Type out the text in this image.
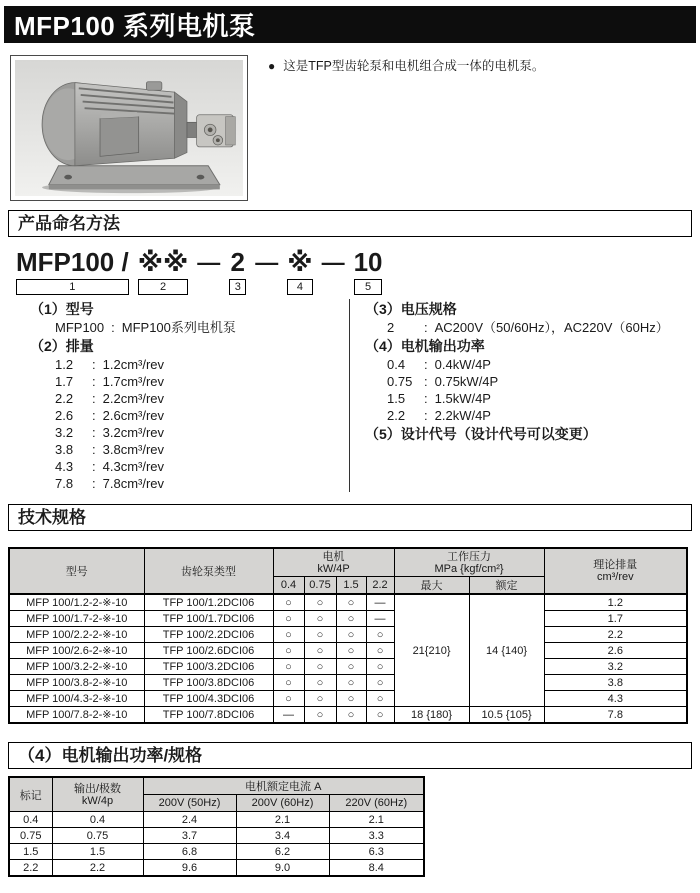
MFP100 系列电机泵
● 这是TFP型齿轮泵和电机组合成一体的电机泵。
产品命名方法
MFP100 /
1
※※
2
— 2
3
— ※
4
— 10
5
（1）型号
MFP100 : MFP100系列电机泵
（2）排量
1.2	: 1.2cm³/rev
1.7	: 1.7cm³/rev
2.2	: 2.2cm³/rev
2.6	: 2.6cm³/rev
3.2	: 3.2cm³/rev
3.8	: 3.8cm³/rev
4.3	: 4.3cm³/rev
7.8	: 7.8cm³/rev
（3）电压规格
2	: AC200V（50/60Hz），AC220V（60Hz）
（4）电机输出功率
0.4	: 0.4kW/4P
0.75 : 0.75kW/4P
1.5	: 1.5kW/4P
2.2	: 2.2kW/4P
（5）设计代号（设计代号可以变更）
技术规格
型号	齿轮泵类型	
电机
kW/4P

工作压力
MPa {kgf/cm²}	理论排量
cm³/rev

		0.4	0.75	1.5	2.2	最大	额定	
MFP 100/1.2-2-※-10	TFP 100/1.2DCI06	○	○	○	—	21{210}	14 {140}	1.2
MFP 100/1.7-2-※-10	TFP 100/1.7DCI06	○	○	○	—			1.7
MFP 100/2.2-2-※-10	TFP 100/2.2DCI06	○	○	○	○			2.2
MFP 100/2.6-2-※-10	TFP 100/2.6DCI06	○	○	○	○			2.6
MFP 100/3.2-2-※-10	TFP 100/3.2DCI06	○	○	○	○			3.2
MFP 100/3.8-2-※-10	TFP 100/3.8DCI06	○	○	○	○			3.8
MFP 100/4.3-2-※-10	TFP 100/4.3DCI06	○	○	○	○			4.3
MFP 100/7.8-2-※-10	TFP 100/7.8DCI06	—	○	○	○	18 {180}	10.5 {105}	7.8
（4）电机输出功率/规格
标记	输出/极数
kW/4p	电机额定电流 A		
		200V (50Hz)	200V (60Hz)	220V (60Hz)
0.4	0.4	2.4	2.1	2.1
0.75	0.75	3.7	3.4	3.3
1.5	1.5	6.8	6.2	6.3
2.2	2.2	9.6	9.0	8.4
